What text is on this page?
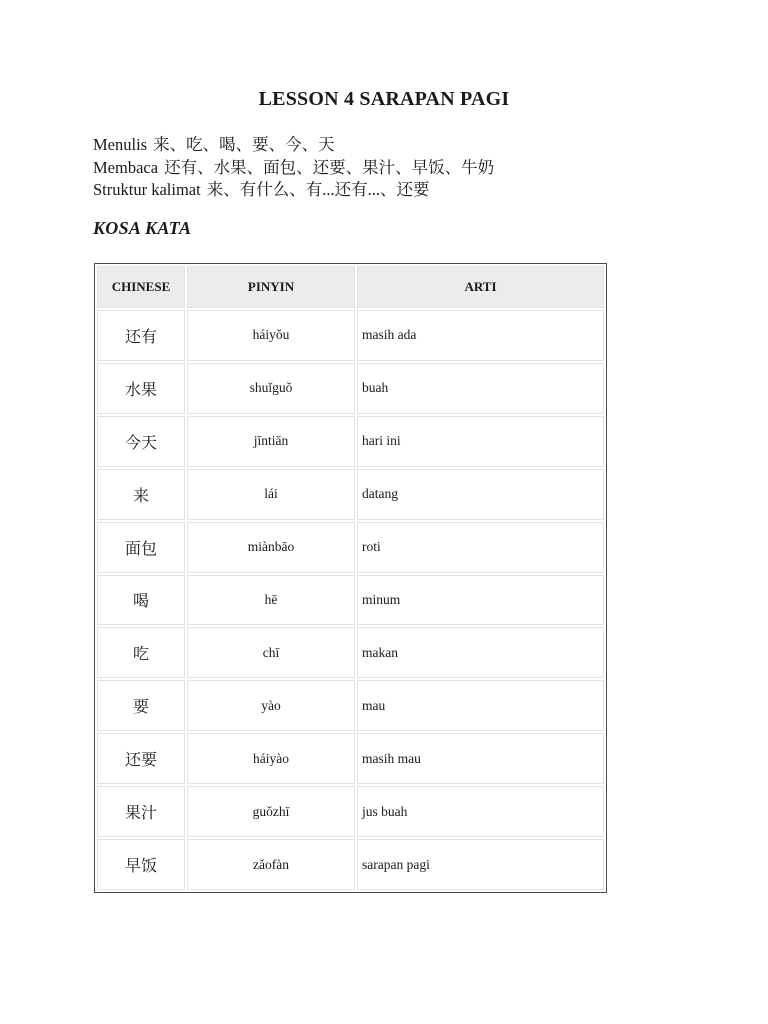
LESSON 4 SARAPAN PAGI
Menulis 来、吃、喝、要、今、天
Membaca 还有、水果、面包、还要、果汁、早饭、牛奶
Struktur kalimat 来、有什么、有...还有...、还要
KOSA KATA
CHINESE	PINYIN	ARTI
还有	háiyǒu	masih ada
水果	shuǐguǒ	buah
今天	jīntiān	hari ini
来	lái	datang
面包	miànbāo	roti
喝	hē	minum
吃	chī	makan
要	yào	mau
还要	háiyào	masih mau
果汁	guǒzhī	jus buah
早饭	zǎofàn	sarapan pagi
